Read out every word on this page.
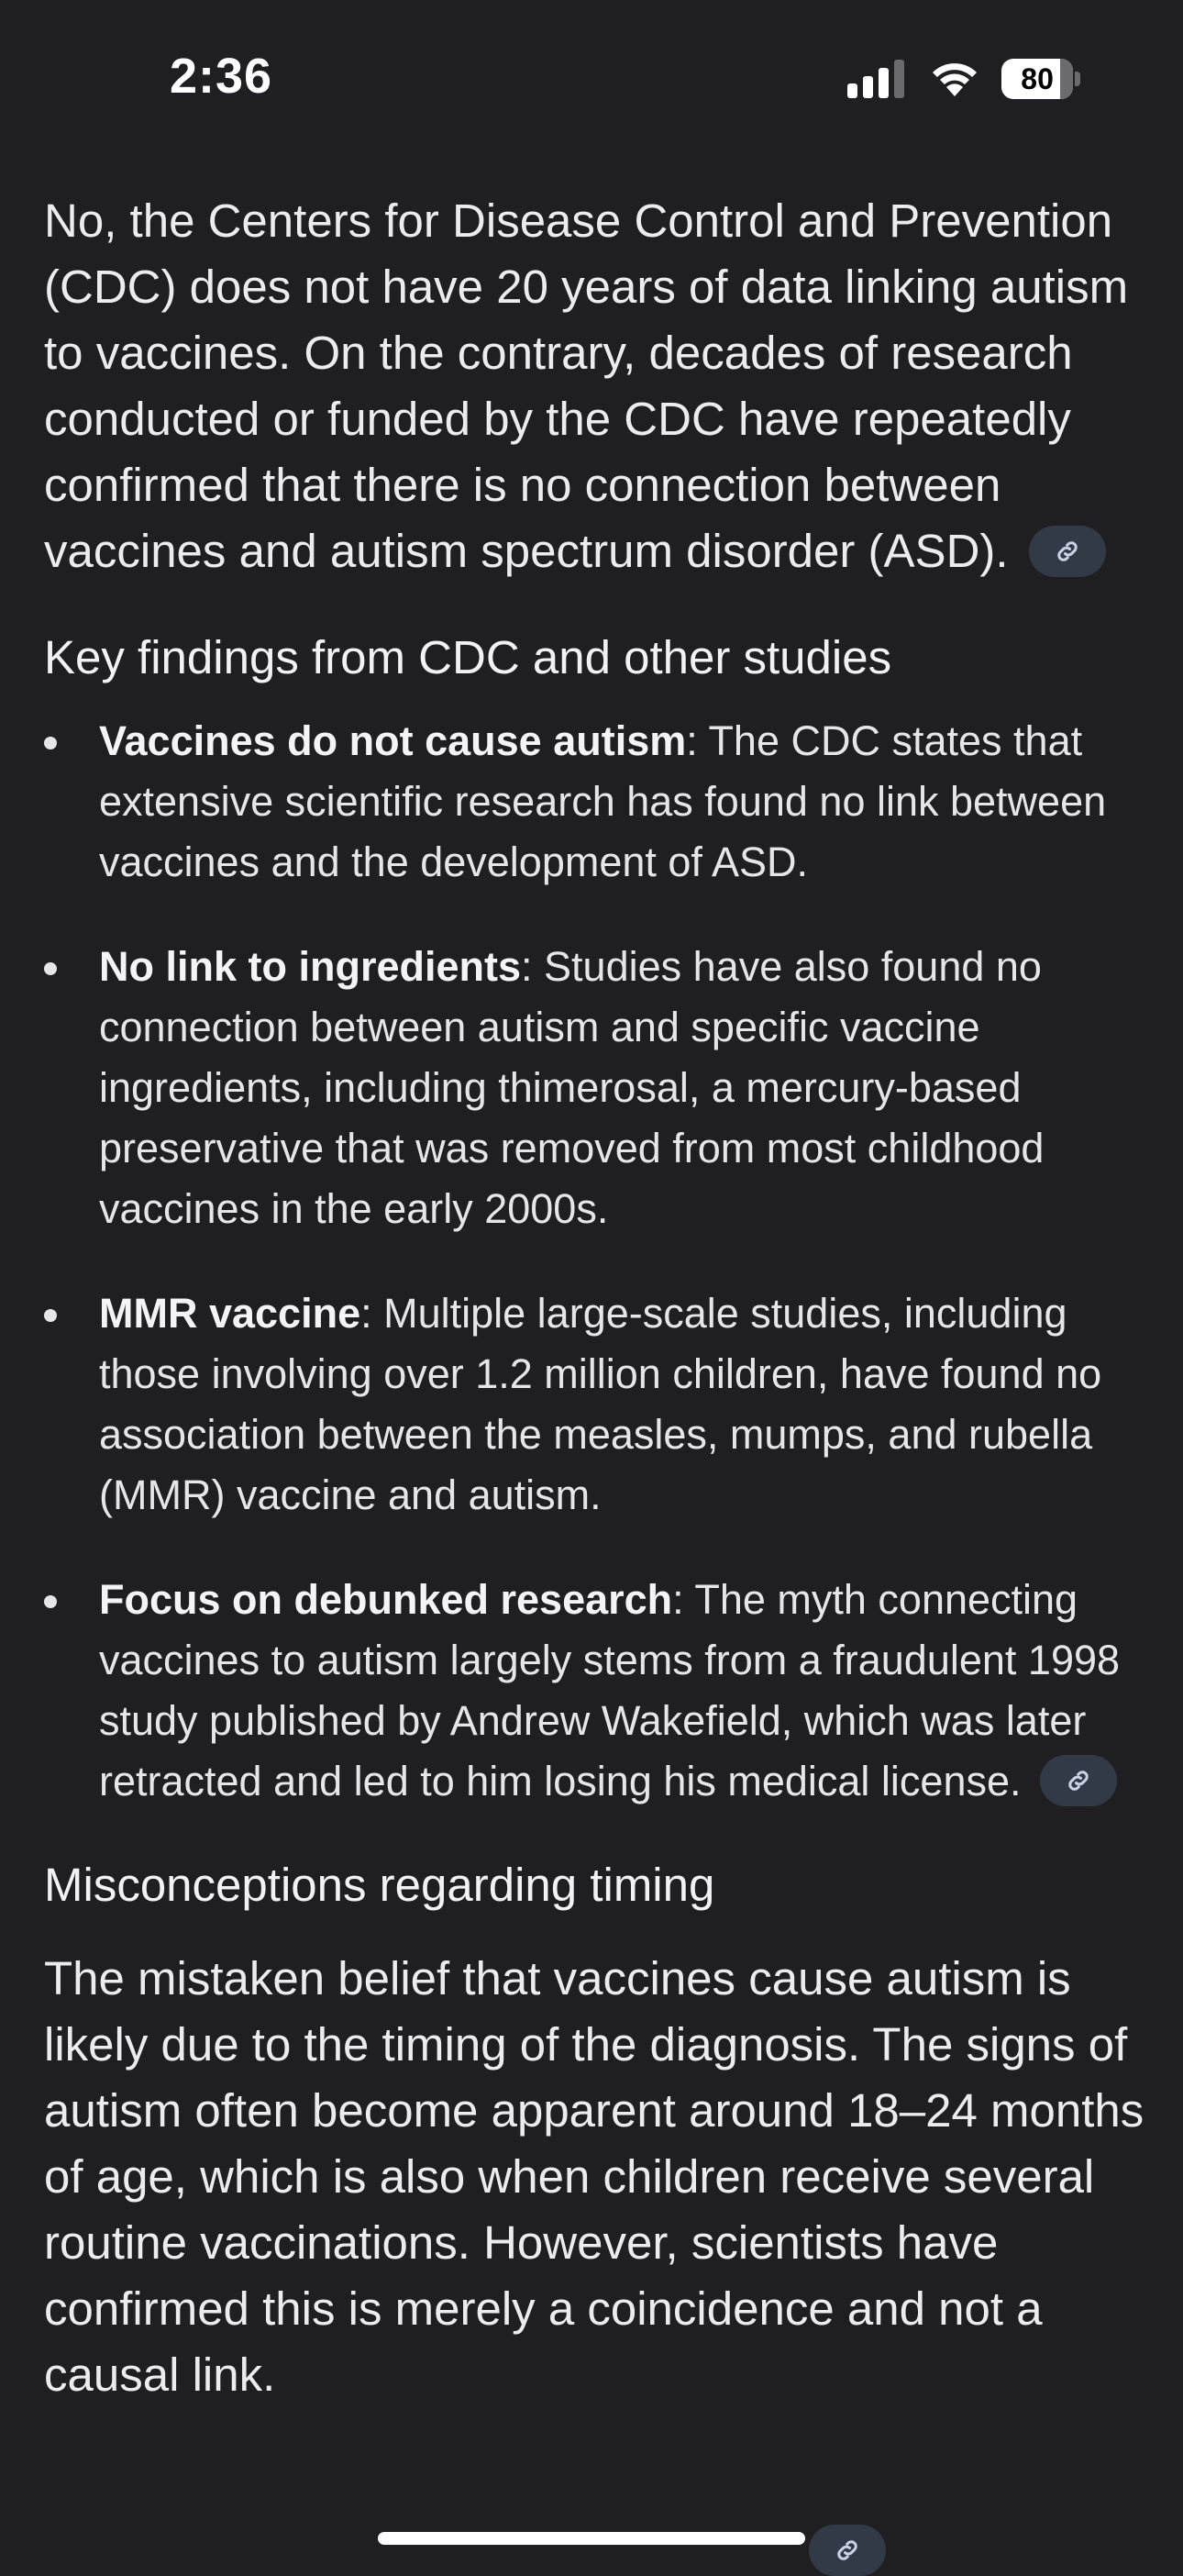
2:36	80

No, the Centers for Disease Control and Prevention (CDC) does not have 20 years of data linking autism to vaccines. On the contrary, decades of research conducted or funded by the CDC have repeatedly confirmed that there is no connection between vaccines and autism spectrum disorder (ASD).

Key findings from CDC and other studies
Vaccines do not cause autism: The CDC states that extensive scientific research has found no link between vaccines and the development of ASD.
No link to ingredients: Studies have also found no connection between autism and specific vaccine ingredients, including thimerosal, a mercury-based preservative that was removed from most childhood vaccines in the early 2000s.
MMR vaccine: Multiple large-scale studies, including those involving over 1.2 million children, have found no association between the measles, mumps, and rubella (MMR) vaccine and autism.
Focus on debunked research: The myth connecting vaccines to autism largely stems from a fraudulent 1998 study published by Andrew Wakefield, which was later retracted and led to him losing his medical license.
Misconceptions regarding timing

The mistaken belief that vaccines cause autism is likely due to the timing of the diagnosis. The signs of autism often become apparent around 18–24 months of age, which is also when children receive several routine vaccinations. However, scientists have confirmed this is merely a coincidence and not a causal link.
